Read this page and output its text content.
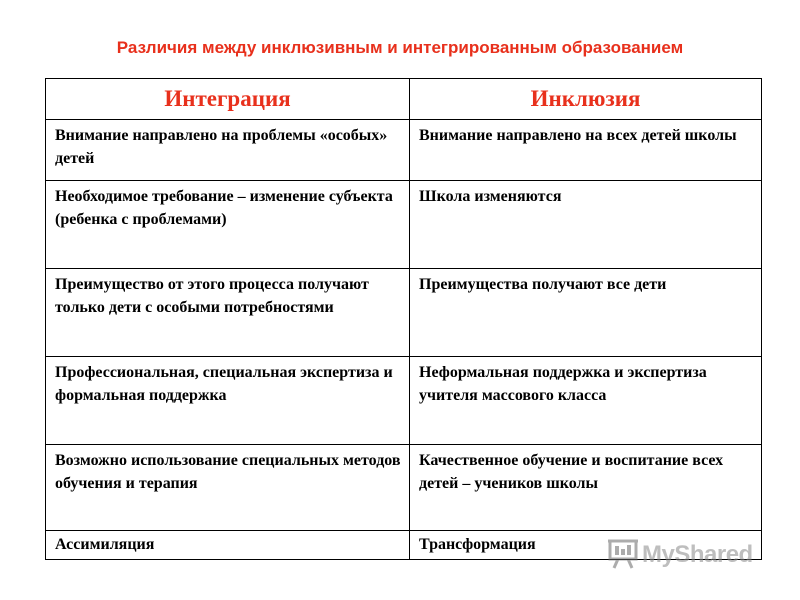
Различия между инклюзивным и интегрированным образованием
Интеграция	Инклюзия
Внимание направлено на проблемы «особых» детей	Внимание направлено на всех детей школы
Необходимое требование – изменение субъекта (ребенка с проблемами)	Школа изменяются
Преимущество от этого процесса получают только дети с особыми потребностями	Преимущества получают все дети
Профессиональная, специальная экспертиза и формальная поддержка	Неформальная поддержка и экспертиза учителя массового класса
Возможно использование специальных методов обучения и терапия	Качественное обучение и воспитание всех детей – учеников школы
Ассимиляция	Трансформация	MyShared
